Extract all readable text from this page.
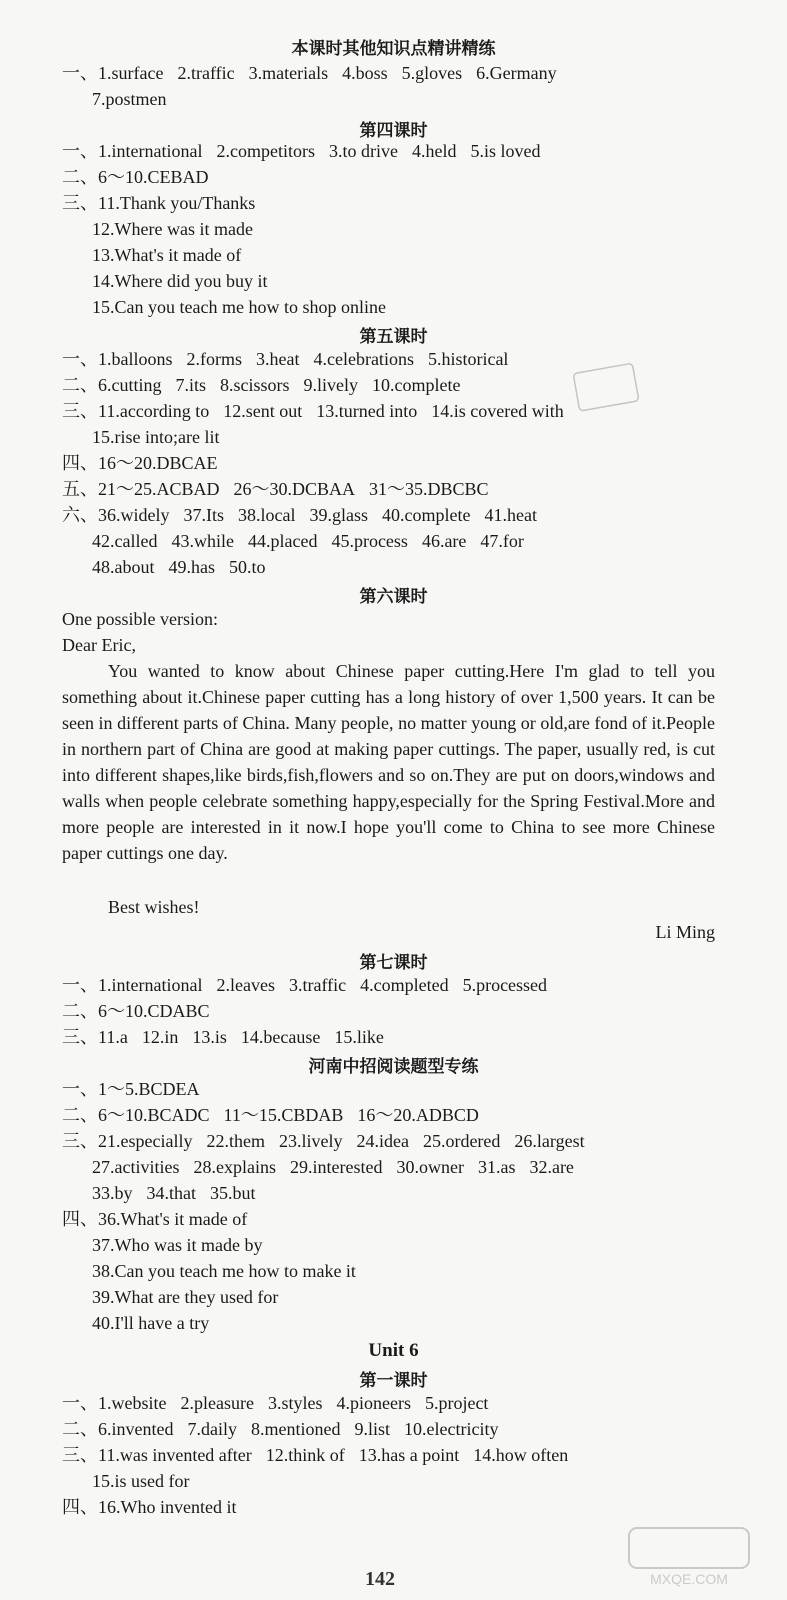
本课时其他知识点精讲精练
一、1.surface 2.traffic 3.materials 4.boss 5.gloves 6.Germany
7.postmen
第四课时
一、1.international 2.competitors 3.to drive 4.held 5.is loved
二、6～10.CEBAD
三、11.Thank you/Thanks
12.Where was it made
13.What's it made of
14.Where did you buy it
15.Can you teach me how to shop online
第五课时
一、1.balloons 2.forms 3.heat 4.celebrations 5.historical
二、6.cutting 7.its 8.scissors 9.lively 10.complete
三、11.according to 12.sent out 13.turned into 14.is covered with
15.rise into;are lit
四、16～20.DBCAE
五、21～25.ACBAD 26～30.DCBAA 31～35.DBCBC
六、36.widely 37.Its 38.local 39.glass 40.complete 41.heat
42.called 43.while 44.placed 45.process 46.are 47.for
48.about 49.has 50.to
第六课时
One possible version:
Dear Eric,
You wanted to know about Chinese paper cutting.Here I'm glad to tell you something about it.Chinese paper cutting has a long history of over 1,500 years. It can be seen in different parts of China. Many people, no matter young or old,are fond of it.People in northern part of China are good at making paper cuttings. The paper, usually red, is cut into different shapes,like birds,fish,flowers and so on.They are put on doors,windows and walls when people celebrate something happy,especially for the Spring Festival.More and more people are interested in it now.I hope you'll come to China to see more Chinese paper cuttings one day.
Best wishes!
Li Ming
第七课时
一、1.international 2.leaves 3.traffic 4.completed 5.processed
二、6～10.CDABC
三、11.a 12.in 13.is 14.because 15.like
河南中招阅读题型专练
一、1～5.BCDEA
二、6～10.BCADC 11～15.CBDAB 16～20.ADBCD
三、21.especially 22.them 23.lively 24.idea 25.ordered 26.largest
27.activities 28.explains 29.interested 30.owner 31.as 32.are
33.by 34.that 35.but
四、36.What's it made of
37.Who was it made by
38.Can you teach me how to make it
39.What are they used for
40.I'll have a try
Unit 6
第一课时
一、1.website 2.pleasure 3.styles 4.pioneers 5.project
二、6.invented 7.daily 8.mentioned 9.list 10.electricity
三、11.was invented after 12.think of 13.has a point 14.how often
15.is used for
四、16.Who invented it
142	MXQE.COM
